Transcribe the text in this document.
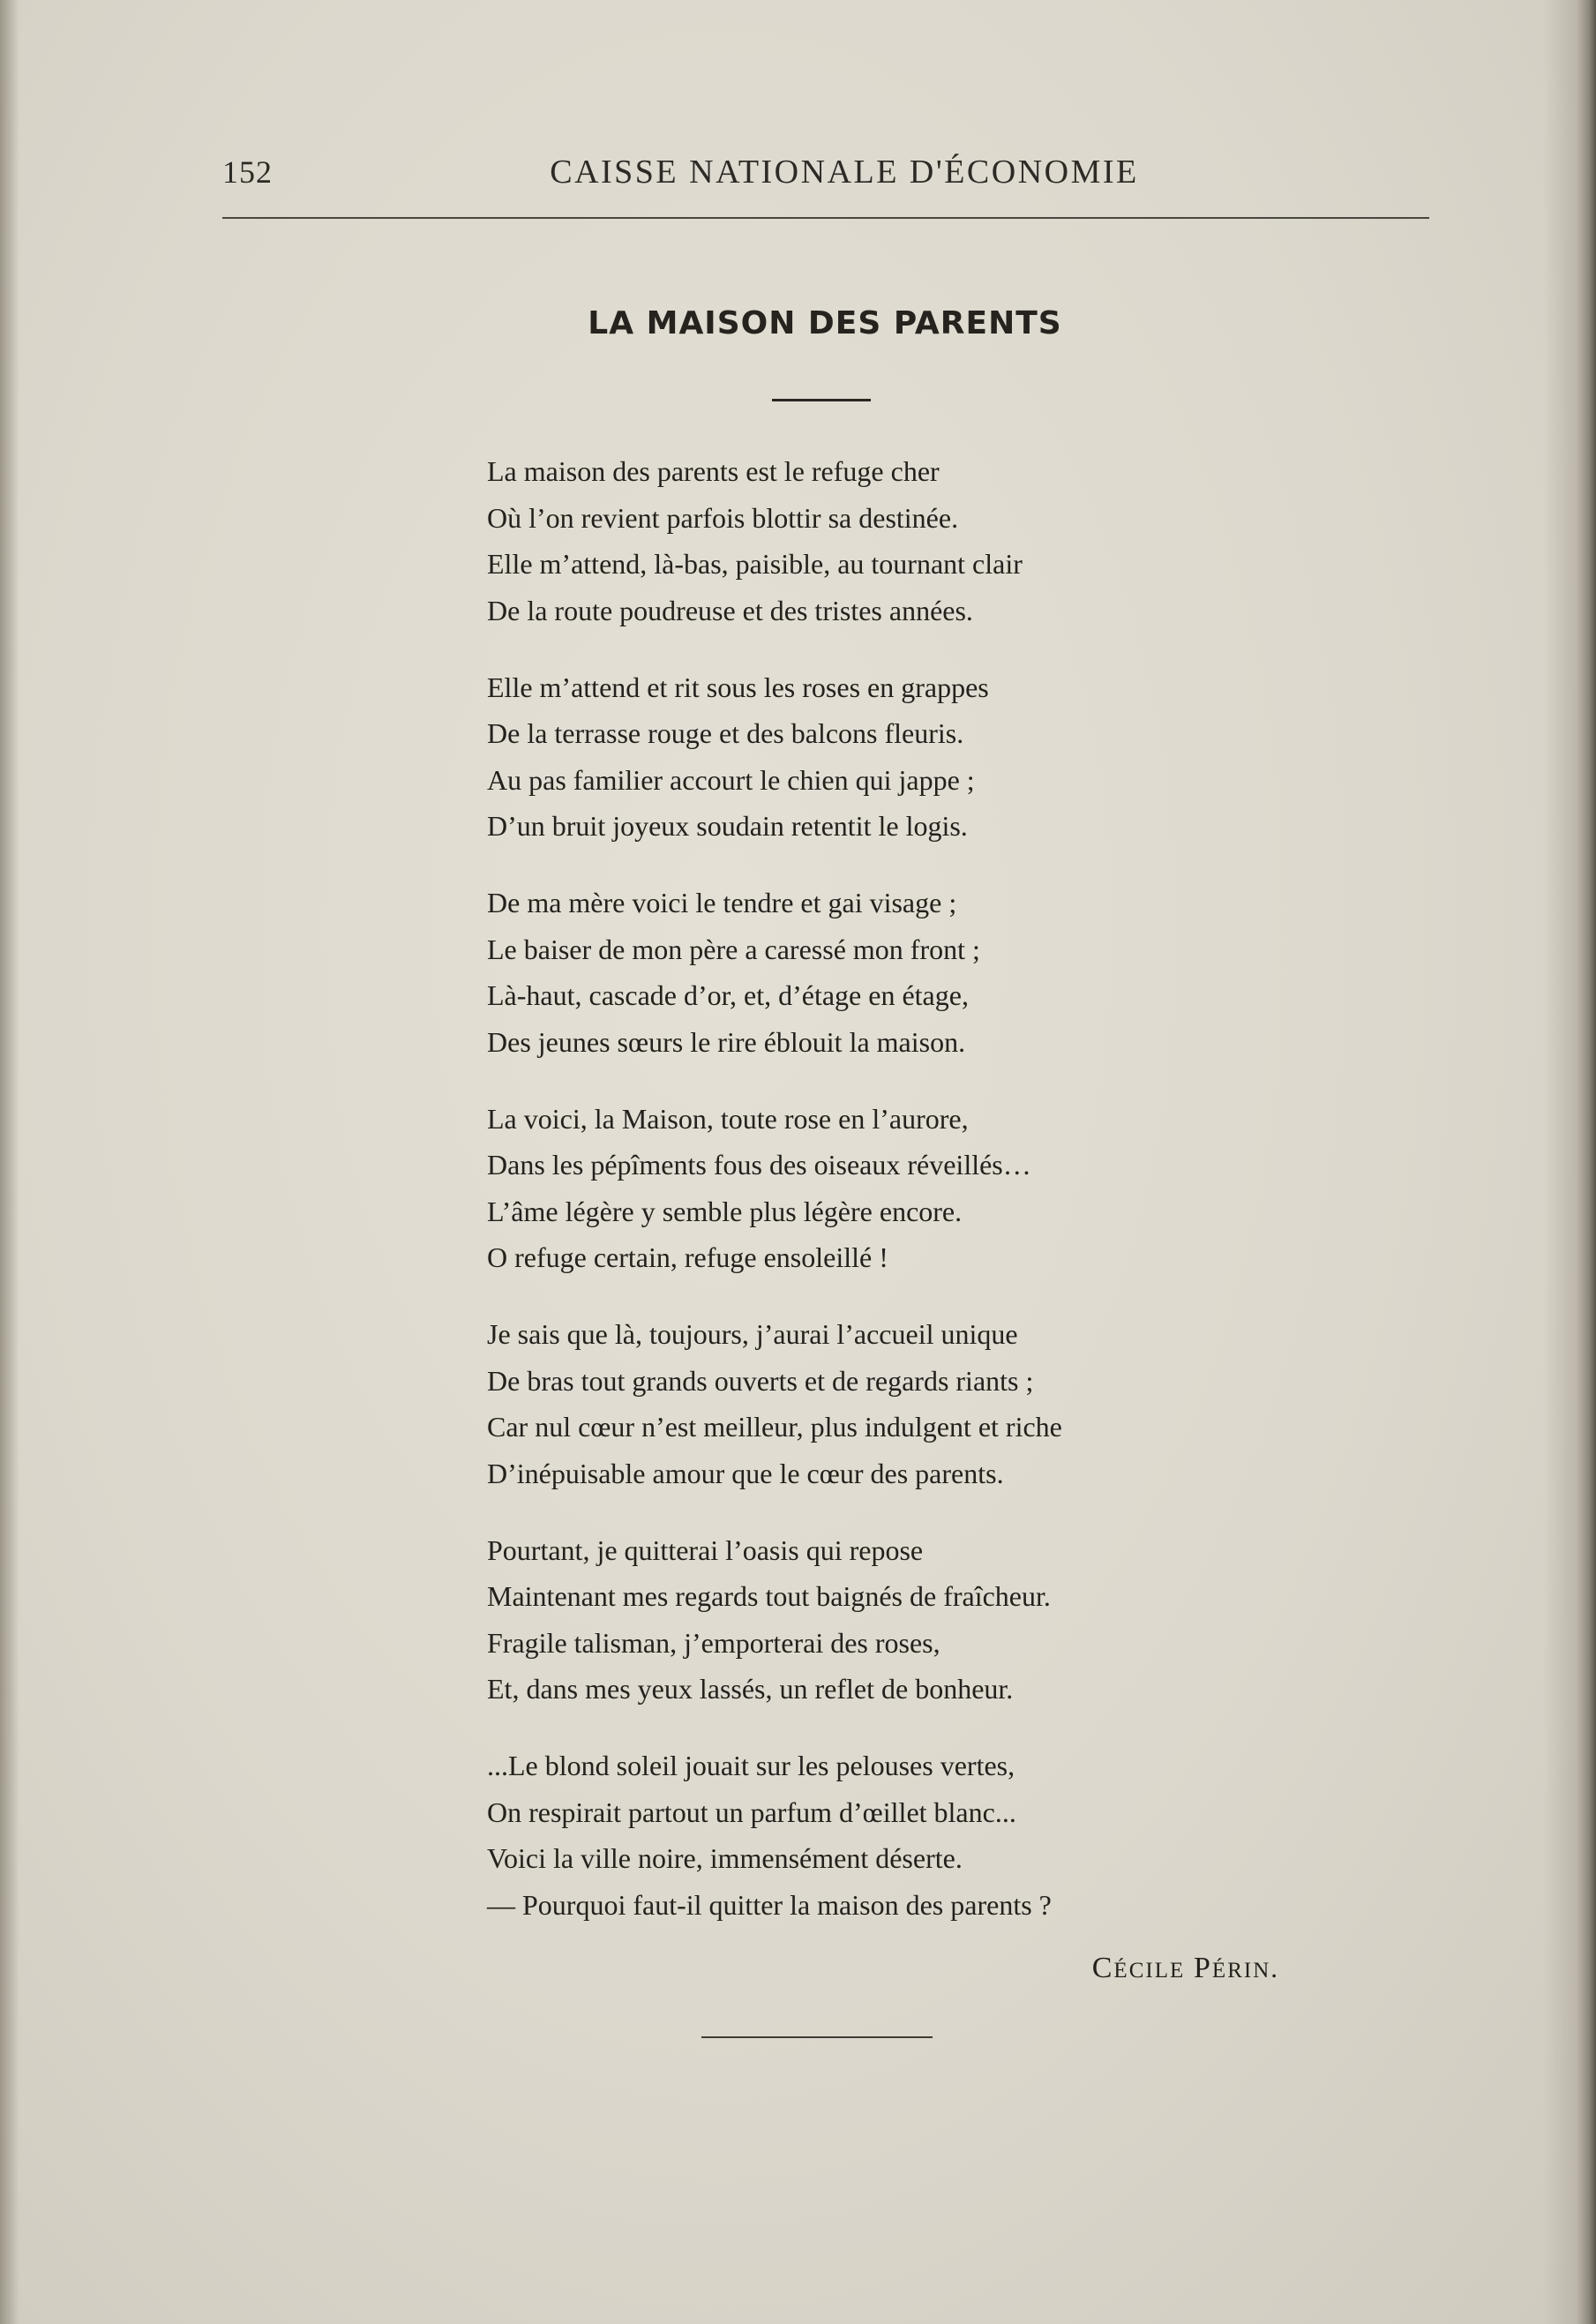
152	CAISSE NATIONALE D'ÉCONOMIE
LA MAISON DES PARENTS
La maison des parents est le refuge cher
Où l’on revient parfois blottir sa destinée.
Elle m’attend, là-bas, paisible, au tournant clair
De la route poudreuse et des tristes années.
Elle m’attend et rit sous les roses en grappes
De la terrasse rouge et des balcons fleuris.
Au pas familier accourt le chien qui jappe ;
D’un bruit joyeux soudain retentit le logis.
De ma mère voici le tendre et gai visage ;
Le baiser de mon père a caressé mon front ;
Là-haut, cascade d’or, et, d’étage en étage,
Des jeunes sœurs le rire éblouit la maison.
La voici, la Maison, toute rose en l’aurore,
Dans les pépîments fous des oiseaux réveillés…
L’âme légère y semble plus légère encore.
O refuge certain, refuge ensoleillé !
Je sais que là, toujours, j’aurai l’accueil unique
De bras tout grands ouverts et de regards riants ;
Car nul cœur n’est meilleur, plus indulgent et riche
D’inépuisable amour que le cœur des parents.
Pourtant, je quitterai l’oasis qui repose
Maintenant mes regards tout baignés de fraîcheur.
Fragile talisman, j’emporterai des roses,
Et, dans mes yeux lassés, un reflet de bonheur.
...Le blond soleil jouait sur les pelouses vertes,
On respirait partout un parfum d’œillet blanc...
Voici la ville noire, immensément déserte.
— Pourquoi faut-il quitter la maison des parents ?
CÉCILE PÉRIN.
